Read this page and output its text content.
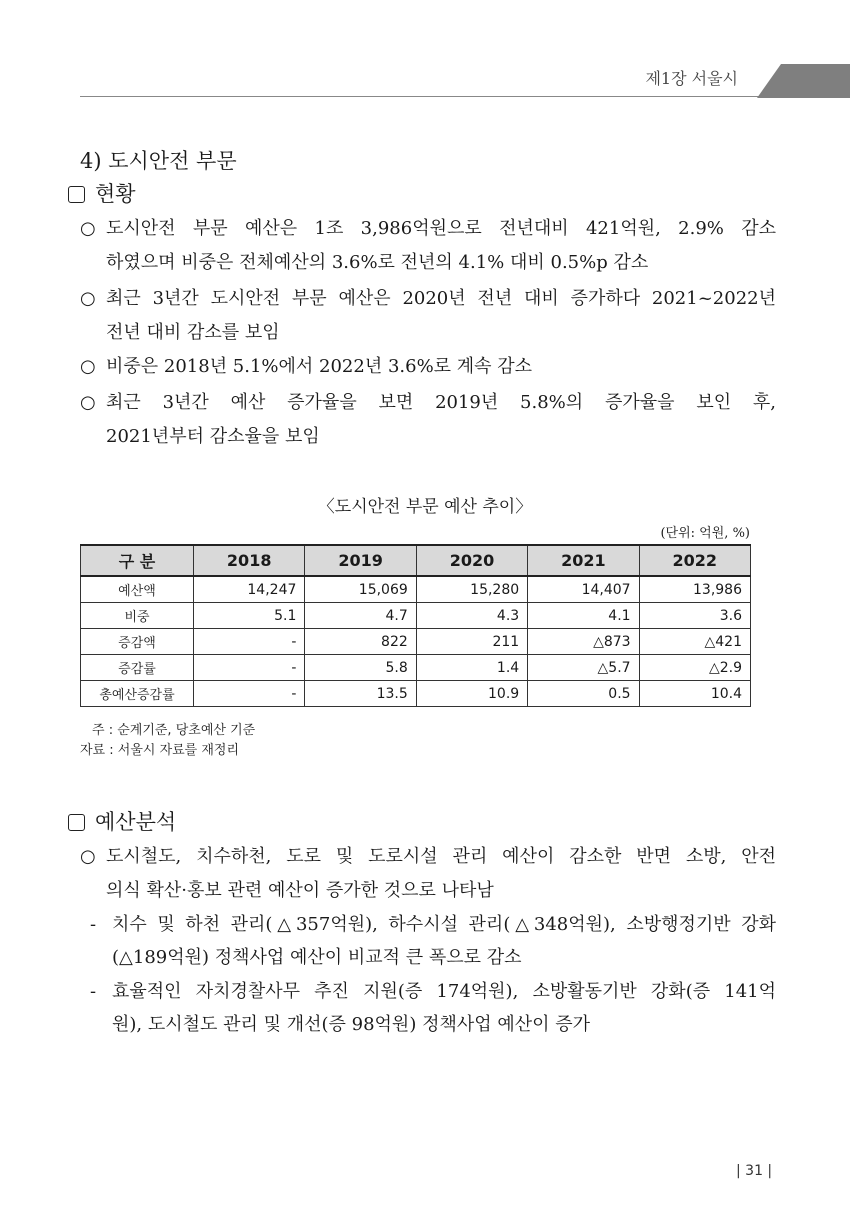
제1장 서울시
4) 도시안전 부문
현황
○ 도시안전 부문 예산은 1조 3,986억원으로 전년대비 421억원, 2.9% 감소
하였으며 비중은 전체예산의 3.6%로 전년의 4.1% 대비 0.5%p 감소
○ 최근 3년간 도시안전 부문 예산은 2020년 전년 대비 증가하다 2021~2022년
전년 대비 감소를 보임
○ 비중은 2018년 5.1%에서 2022년 3.6%로 계속 감소
○ 최근 3년간 예산 증가율을 보면 2019년 5.8%의 증가율을 보인 후,
2021년부터 감소율을 보임
〈도시안전 부문 예산 추이〉
(단위: 억원, %)
구 분	2018	2019	2020	2021	2022
예산액	14,247	15,069	15,280	14,407	13,986
비중	5.1	4.7	4.3	4.1	3.6
증감액	-	822	211	△873	△421
증감률	-	5.8	1.4	△5.7	△2.9
총예산증감률	-	13.5	10.9	0.5	10.4
주 : 순계기준, 당초예산 기준
자료 : 서울시 자료를 재정리
예산분석
○ 도시철도, 치수하천, 도로 및 도로시설 관리 예산이 감소한 반면 소방, 안전
의식 확산·홍보 관련 예산이 증가한 것으로 나타남
- 치수 및 하천 관리(△357억원), 하수시설 관리(△348억원), 소방행정기반 강화
(△189억원) 정책사업 예산이 비교적 큰 폭으로 감소
- 효율적인 자치경찰사무 추진 지원(증 174억원), 소방활동기반 강화(증 141억
원), 도시철도 관리 및 개선(증 98억원) 정책사업 예산이 증가
| 31 |
